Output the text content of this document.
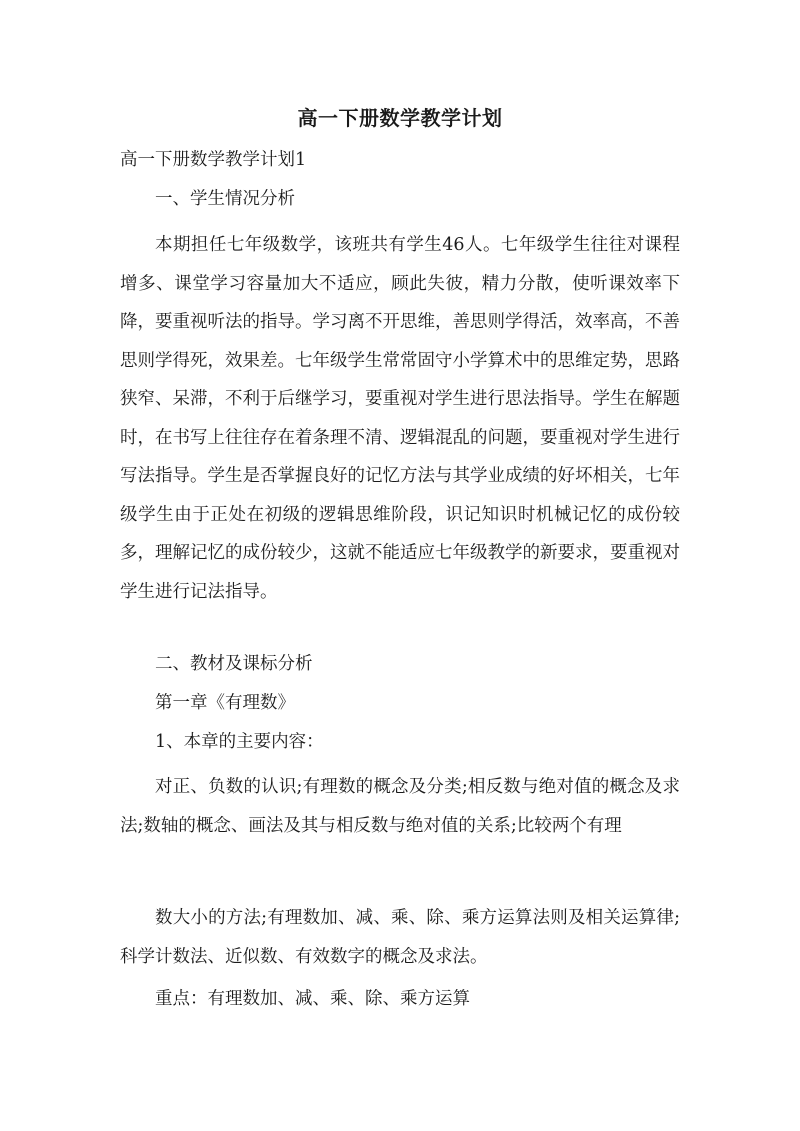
高一下册数学教学计划
高一下册数学教学计划1
一、学生情况分析
本期担任七年级数学，该班共有学生46人。七年级学生往往对课程增多、课堂学习容量加大不适应，顾此失彼，精力分散，使听课效率下降，要重视听法的指导。学习离不开思维，善思则学得活，效率高，不善思则学得死，效果差。七年级学生常常固守小学算术中的思维定势，思路狭窄、呆滞，不利于后继学习，要重视对学生进行思法指导。学生在解题时，在书写上往往存在着条理不清、逻辑混乱的问题，要重视对学生进行写法指导。学生是否掌握良好的记忆方法与其学业成绩的好坏相关，七年级学生由于正处在初级的逻辑思维阶段，识记知识时机械记忆的成份较多，理解记忆的成份较少，这就不能适应七年级教学的新要求，要重视对学生进行记法指导。
二、教材及课标分析
第一章《有理数》
1、本章的主要内容：
对正、负数的认识;有理数的概念及分类;相反数与绝对值的概念及求法;数轴的概念、画法及其与相反数与绝对值的关系;比较两个有理
数大小的方法;有理数加、减、乘、除、乘方运算法则及相关运算律;科学计数法、近似数、有效数字的概念及求法。
重点：有理数加、减、乘、除、乘方运算
